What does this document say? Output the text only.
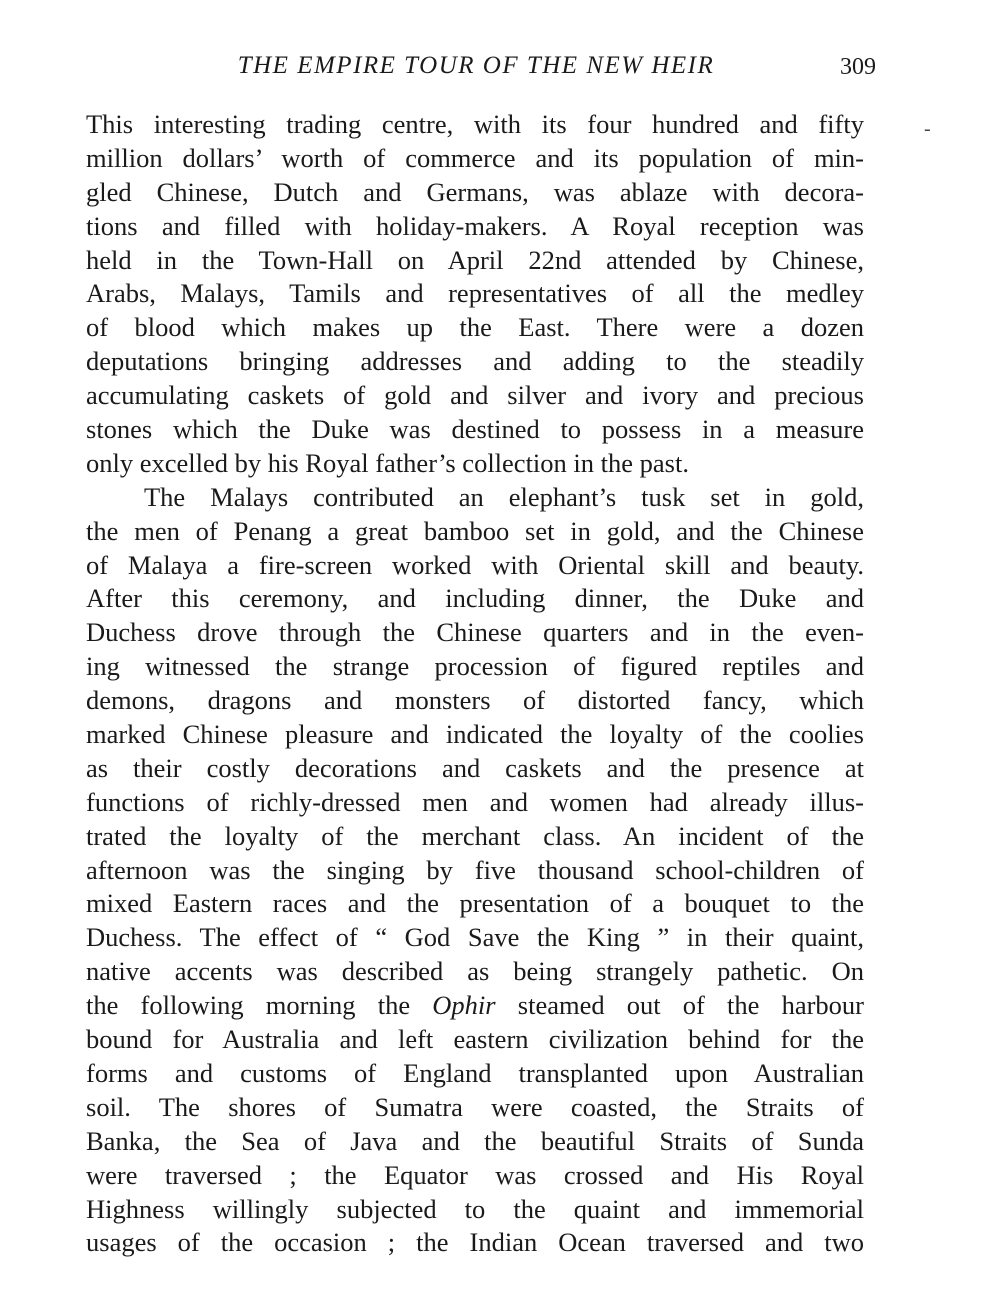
THE EMPIRE TOUR OF THE NEW HEIR	309
-
This interesting trading centre, with its four hundred and fifty
million dollars’ worth of commerce and its population of min-
gled Chinese, Dutch and Germans, was ablaze with decora-
tions and filled with holiday-makers. A Royal reception was
held in the Town-Hall on April 22nd attended by Chinese,
Arabs, Malays, Tamils and representatives of all the medley
of blood which makes up the East. There were a dozen
deputations bringing addresses and adding to the steadily
accumulating caskets of gold and silver and ivory and precious
stones which the Duke was destined to possess in a measure
only excelled by his Royal father’s collection in the past.
The Malays contributed an elephant’s tusk set in gold,
the men of Penang a great bamboo set in gold, and the Chinese
of Malaya a fire-screen worked with Oriental skill and beauty.
After this ceremony, and including dinner, the Duke and
Duchess drove through the Chinese quarters and in the even-
ing witnessed the strange procession of figured reptiles and
demons, dragons and monsters of distorted fancy, which
marked Chinese pleasure and indicated the loyalty of the coolies
as their costly decorations and caskets and the presence at
functions of richly-dressed men and women had already illus-
trated the loyalty of the merchant class. An incident of the
afternoon was the singing by five thousand school-children of
mixed Eastern races and the presentation of a bouquet to the
Duchess. The effect of “ God Save the King ” in their quaint,
native accents was described as being strangely pathetic. On
the following morning the Ophir steamed out of the harbour
bound for Australia and left eastern civilization behind for the
forms and customs of England transplanted upon Australian
soil. The shores of Sumatra were coasted, the Straits of
Banka, the Sea of Java and the beautiful Straits of Sunda
were traversed ; the Equator was crossed and His Royal
Highness willingly subjected to the quaint and immemorial
usages of the occasion ; the Indian Ocean traversed and two
